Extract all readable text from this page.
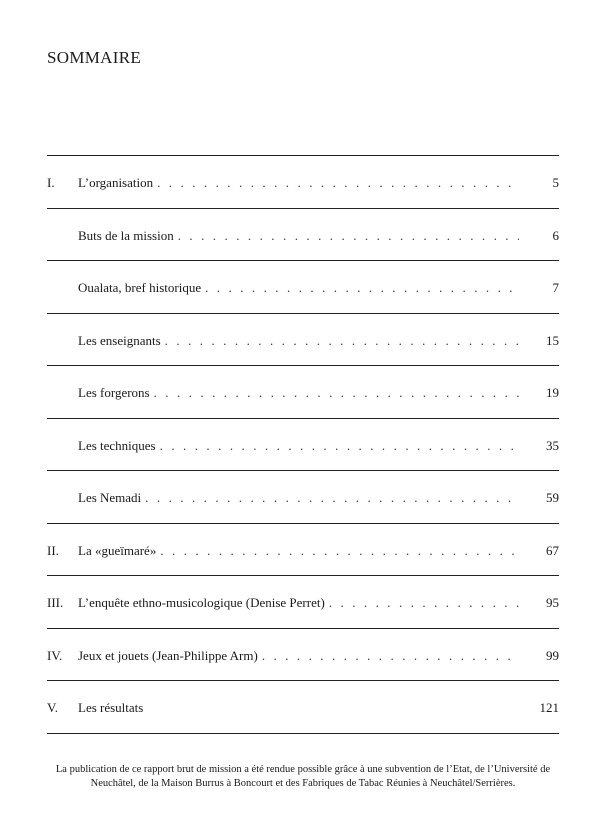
SOMMAIRE
I.	L’organisation . . .	5
Buts de la mission . . .	6
Oualata, bref historique . . .	7
Les enseignants . . .	15
Les forgerons . . .	19
Les techniques . . .	35
Les Nemadi . . .	59
II.	La «gueïmaré» . . .	67
III.	L’enquête ethno-musicologique (Denise Perret) . . .	95
IV.	Jeux et jouets (Jean-Philippe Arm) . . .	99
V.	Les résultats	121
La publication de ce rapport brut de mission a été rendue possible grâce à une subvention de l’Etat, de l’Université de Neuchâtel, de la Maison Burrus à Boncourt et des Fabriques de Tabac Réunies à Neuchâtel/Serrières.
